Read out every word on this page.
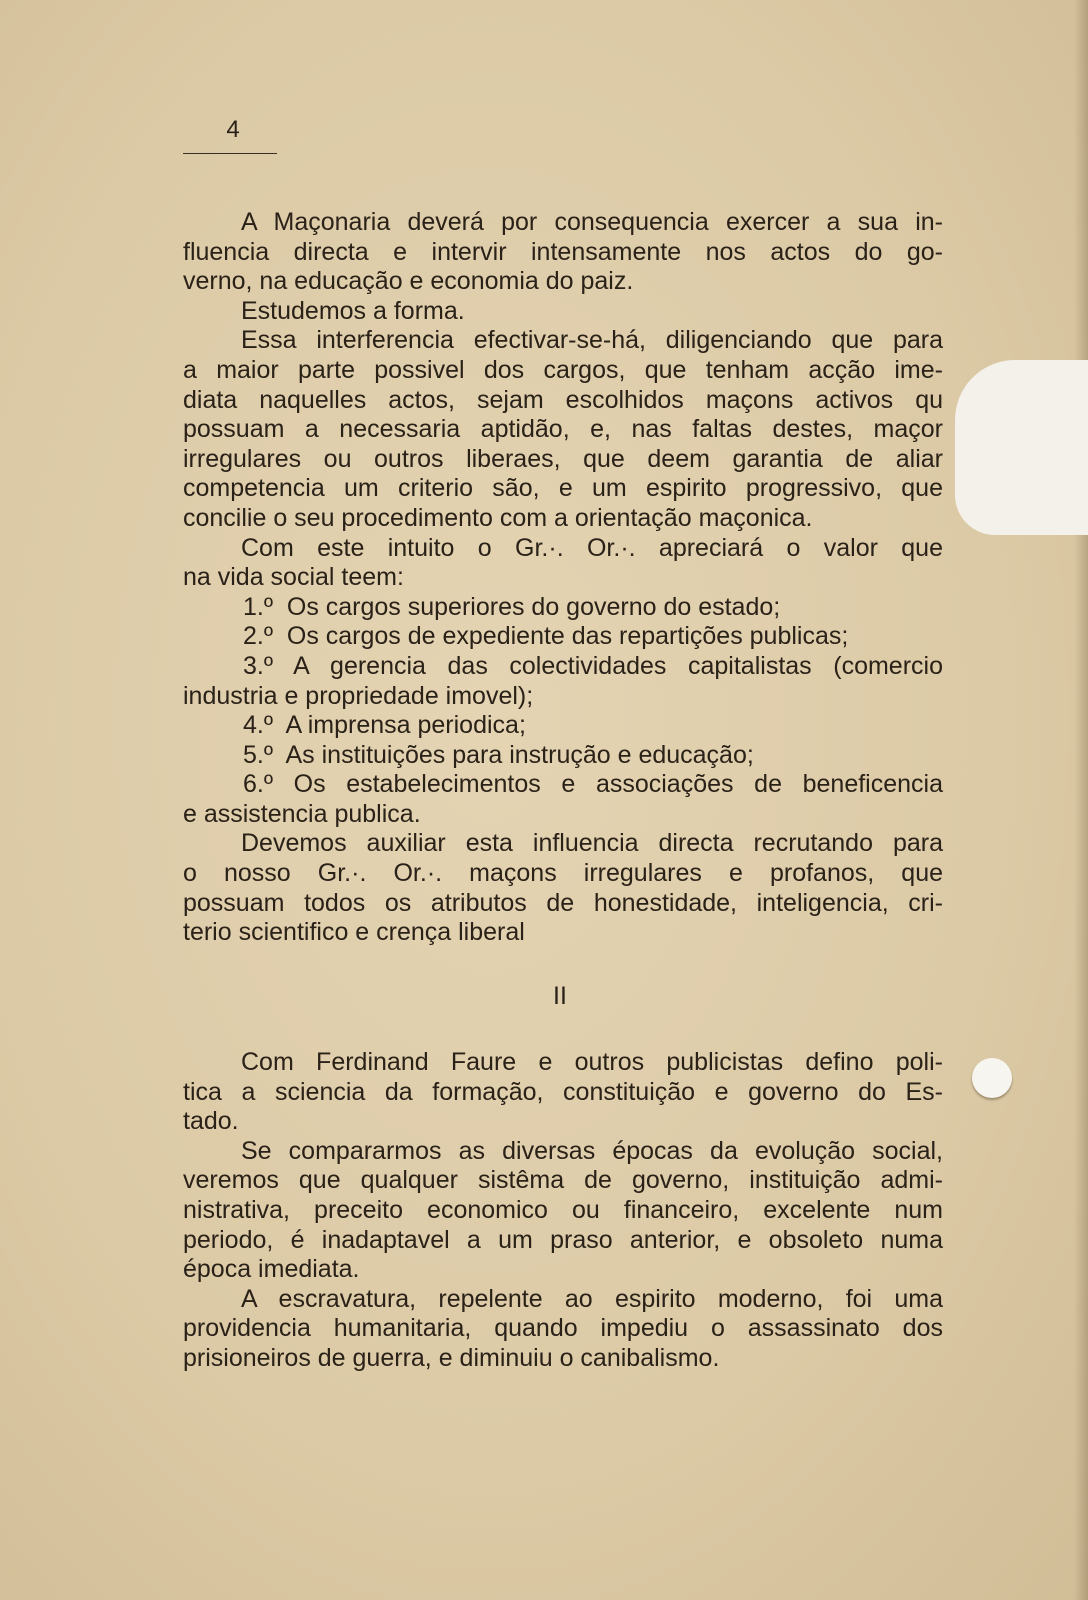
4
A Maçonaria deverá por consequencia exercer a sua in-
fluencia directa e intervir intensamente nos actos do go-
verno, na educação e economia do paiz.
Estudemos a forma.
Essa interferencia efectivar-se-há, diligenciando que para
a maior parte possivel dos cargos, que tenham acção ime-
diata naquelles actos, sejam escolhidos maçons activos qu
possuam a necessaria aptidão, e, nas faltas destes, maçor
irregulares ou outros liberaes, que deem garantia de aliar
competencia um criterio são, e um espirito progressivo, que
concilie o seu procedimento com a orientação maçonica.
Com este intuito o Gr.·. Or.·. apreciará o valor que
na vida social teem:
1.º  Os cargos superiores do governo do estado;
2.º  Os cargos de expediente das repartições publicas;
3.º A gerencia das colectividades capitalistas (comercio
industria e propriedade imovel);
4.º  A imprensa periodica;
5.º  As instituições para instrução e educação;
6.º Os estabelecimentos e associações de beneficencia
e assistencia publica.
Devemos auxiliar esta influencia directa recrutando para
o nosso Gr.·. Or.·. maçons irregulares e profanos, que
possuam todos os atributos de honestidade, inteligencia, cri-
terio scientifico e crença liberal
II
Com Ferdinand Faure e outros publicistas defino poli-
tica a sciencia da formação, constituição e governo do Es-
tado.
Se compararmos as diversas épocas da evolução social,
veremos que qualquer sistêma de governo, instituição admi-
nistrativa, preceito economico ou financeiro, excelente num
periodo, é inadaptavel a um praso anterior, e obsoleto numa
época imediata.
A escravatura, repelente ao espirito moderno, foi uma
providencia humanitaria, quando impediu o assassinato dos
prisioneiros de guerra, e diminuiu o canibalismo.
